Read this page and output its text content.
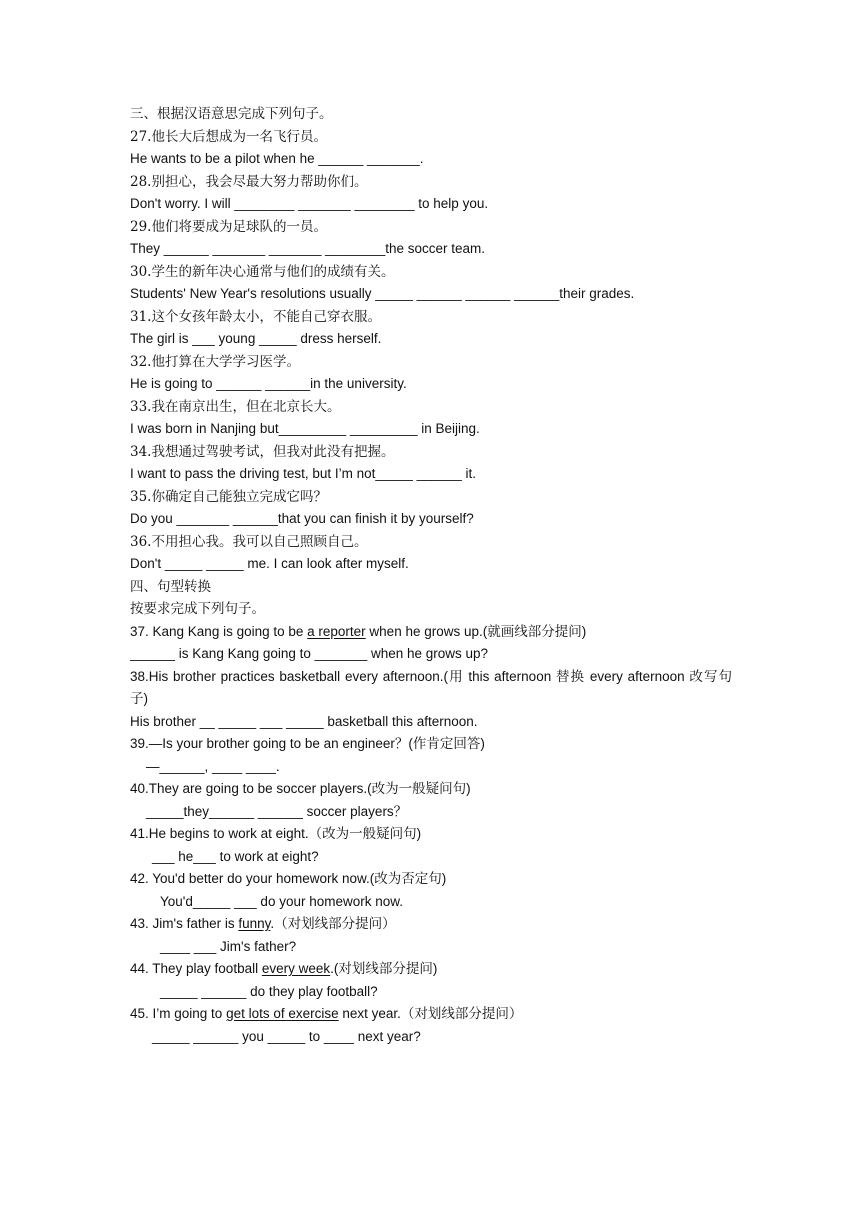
三、根据汉语意思完成下列句子。
27.他长大后想成为一名飞行员。
He wants to be a pilot when he ______ _______.
28.别担心，我会尽最大努力帮助你们。
Don't worry. I will ________ _______ ________ to help you.
29.他们将要成为足球队的一员。
They ______ _______ _______ ________the soccer team.
30.学生的新年决心通常与他们的成绩有关。
Students' New Year's resolutions usually _____ ______ ______ ______their grades.
31.这个女孩年龄太小，不能自己穿衣服。
The girl is ___ young _____ dress herself.
32.他打算在大学学习医学。
He is going to ______ ______in the university.
33.我在南京出生，但在北京长大。
I was born in Nanjing but_________ _________ in Beijing.
34.我想通过驾驶考试，但我对此没有把握。
I want to pass the driving test, but I’m not_____ ______ it.
35.你确定自己能独立完成它吗？
Do you _______ ______that you can finish it by yourself?
36.不用担心我。我可以自己照顾自己。
Don't _____ _____ me. I can look after myself.
四、句型转换
按要求完成下列句子。
37. Kang Kang is going to be a reporter when he grows up.(就画线部分提问)
______ is Kang Kang going to _______ when he grows up?
38.His brother practices basketball every afternoon.(用 this afternoon 替换 every afternoon 改写句子)
His brother __ _____ ___ _____ basketball this afternoon.
39.—Is your brother going to be an engineer？(作肯定回答)
—______, ____ ____.
40.They are going to be soccer players.(改为一般疑问句)
_____they______ ______ soccer players？
41.He begins to work at eight.（改为一般疑问句)
___ he___ to work at eight?
42. You'd better do your homework now.(改为否定句)
You'd_____ ___ do your homework now.
43. Jim's father is funny.（对划线部分提问）
____ ___ Jim's father?
44. They play football every week.(对划线部分提问)
_____ ______ do they play football?
45. I’m going to get lots of exercise next year.（对划线部分提问）
_____ ______ you _____ to ____ next year?
